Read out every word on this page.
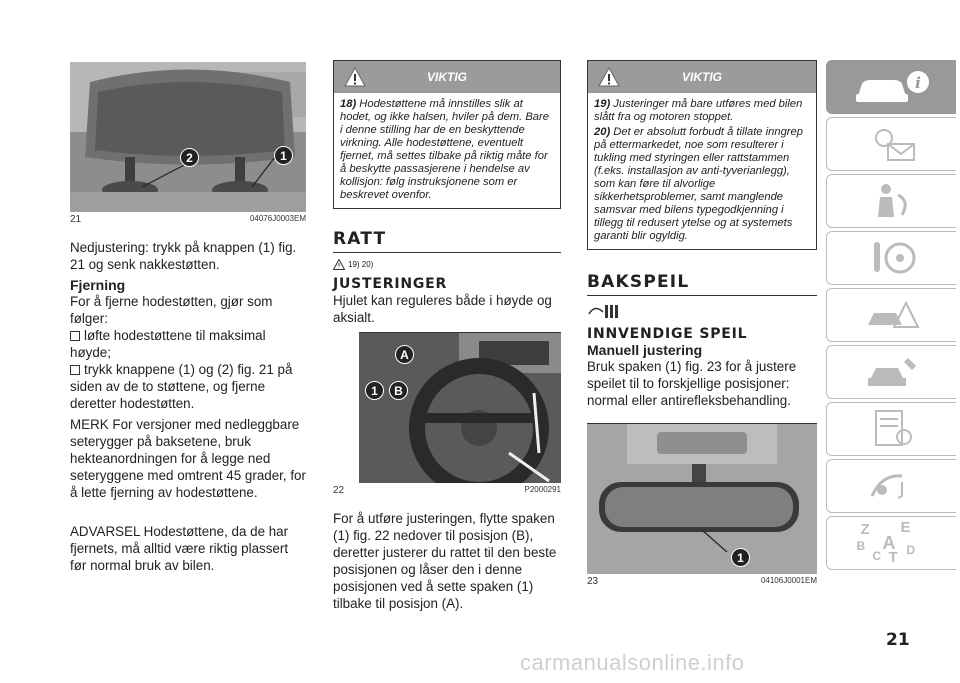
2	1
21	04076J0003EM

Nedjustering: trykk på knappen (1) fig. 21 og senk nakkestøtten.

Fjerning

For å fjerne hodestøtten, gjør som følger:

løfte hodestøttene til maksimal høyde;

trykk knappene (1) og (2) fig. 21 på siden av de to støttene, og fjerne deretter hodestøtten.

MERK For versjoner med nedleggbare seterygger på baksetene, bruk hekteanordningen for å legge ned seteryggene med omtrent 45 grader, for å lette fjerning av hodestøttene.

ADVARSEL Hodestøttene, da de har fjernets, må alltid være riktig plassert før normal bruk av bilen.

VIKTIG
18) Hodestøttene må innstilles slik at hodet, og ikke halsen, hviler på dem. Bare i denne stilling har de en beskyttende virkning. Alle hodestøttene, eventuelt fjernet, må settes tilbake på riktig måte for å beskytte passasjerene i hendelse av kollisjon: følg instruksjonene som er beskrevet ovenfor.
RATT
19) 20)
JUSTERINGER

Hjulet kan reguleres både i høyde og aksialt.

A
1	B
22	P2000291

For å utføre justeringen, flytte spaken (1) fig. 22 nedover til posisjon (B), deretter justerer du rattet til den beste posisjonen og låser den i denne posisjonen ved å sette spaken (1) tilbake til posisjon (A).

VIKTIG
19) Justeringer må bare utføres med bilen slått fra og motoren stoppet.
20) Det er absolutt forbudt å tillate inngrep på ettermarkedet, noe som resulterer i tukling med styringen eller rattstammen (f.eks. installasjon av anti-tyverianlegg), som kan føre til alvorlige sikkerhetsproblemer, samt manglende samsvar med bilens typegodkjenning i tillegg til redusert ytelse og at systemets garanti blir ogyldig.
BAKSPEIL
INNVENDIGE SPEIL
Manuell justering

Bruk spaken (1) fig. 23 for å justere speilet til to forskjellige posisjoner: normal eller antirefleksbehandling.

1
23	04106J0001EM
i
Z E
B A
C T D
21
carmanualsonline.info
